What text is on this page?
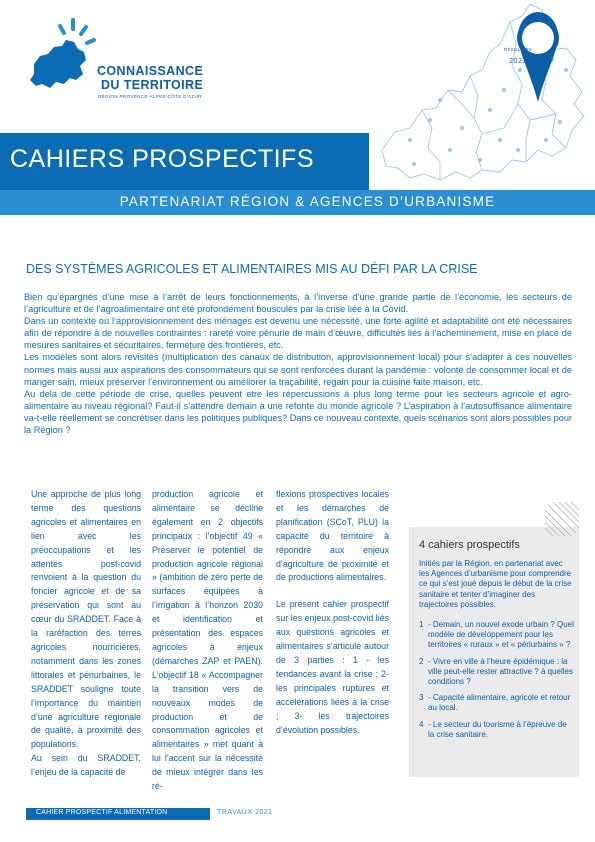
CONNAISSANCE
DU TERRITOIRE
RÉGION PROVENCE-ALPES-CÔTE D'AZUR
RÉSULTATS
2021
CAHIERS PROSPECTIFS
PARTENARIAT RÉGION & AGENCES D’URBANISME
DES SYSTÈMES AGRICOLES ET ALIMENTAIRES MIS AU DÉFI PAR LA CRISE

Bien qu’épargnés d’une mise à l’arrêt de leurs fonctionnements, à l’inverse d’une grande partie de l’économie, les secteurs de l’agriculture et de l’agroalimentaire ont été profondément bousculés par la crise liée à la Covid.

Dans un contexte où l’approvisionnement des ménages est devenu une nécessité, une forte agilité et adaptabilité ont été nécessaires afin de répondre à de nouvelles contraintes : rareté voire pénurie de main d’œuvre, difficultés liés à l’acheminement, mise en place de mesures sanitaires et sécuritaires, fermeture des frontières, etc.

Les modèles sont alors revisités (multiplication des canaux de distribution, approvisionnement local) pour s’adapter à ces nouvelles normes mais aussi aux aspirations des consommateurs qui se sont renforcées durant la pandémie : volonté de consommer local et de manger sain, mieux préserver l’environnement ou améliorer la traçabilité, regain pour la cuisine faite maison, etc.

Au dela de cette période de crise, quelles peuvent etre les répercussions à plus long terme pour les secteurs agricole et agro-alimentaire au niveau régional? Faut-il s’attendre demain à une refonte du monde agricole ? L’aspiration à l’autosuffisance alimentaire va-t-elle réellement se concrétiser dans les politiques publiques? Dans ce nouveau contexte, quels scénarios sont alors possibles pour la Région ?

Une approche de plus long terme des questions agricoles et alimentaires en lien avec les préoccupations et les attentes post-covid renvoient à la question du foncier agricole et de sa préservation qui sont au cœur du SRADDET. Face à la raréfaction des terres agricoles nourricières, notamment dans les zones littorales et périurbaines, le SRADDET souligne toute l’importance du maintien d’une agriculture régionale de qualité, à proximité des populations.

Au sein du SRADDET, l’enjeu de la capacité de

production agricole et alimentaire se décline également en 2 objectifs principaux : l’objectif 49 « Préserver le potentiel de production agricole régional » (ambition de zéro perte de surfaces équipées à l’irrigation à l’horizon 2030 et identification et présentation des espaces agricoles à enjeux (démarches ZAP et PAEN). L’objectif 18 « Accompagner la transition vers de nouveaux modes de production et de consommation agricoles et alimentaires » met quant à lui l’accent sur la nécessité de mieux intégrer dans les ré-

flexions prospectives locales et les démarches de planification (SCoT, PLU) la capacité du territoire à répondre aux enjeux d’agriculture de proximité et de productions alimentaires.

Le présent cahier prospectif sur les enjeux post-covid liés aux questions agricoles et alimentaires s’articule autour de 3 parties : 1 - les tendances avant la crise ; 2- les principales ruptures et accélérations liées à la crise ; 3- les trajectoires d’évolution possibles.

4 cahiers prospectifs
Initiés par la Région, en partenariat avec les Agences d’urbanisme pour comprendre ce qui s’est joué depuis le début de la crise sanitaire et tenter d’imaginer des trajectoires possibles.
1 - Demain, un nouvel exode urbain ? Quel modèle de développement pour les territoires « ruraux » et « périurbains » ?
2 - Vivre en ville à l’heure épidémique : la ville peut-elle rester attractive ? à quelles conditions ?
3 - Capacité alimentaire, agricole et retour au local.
4 - Le secteur du tourisme à l’épreuve de la crise sanitaire.
CAHIER PROSPECTIF ALIMENTATION	TRAVAUX 2021
